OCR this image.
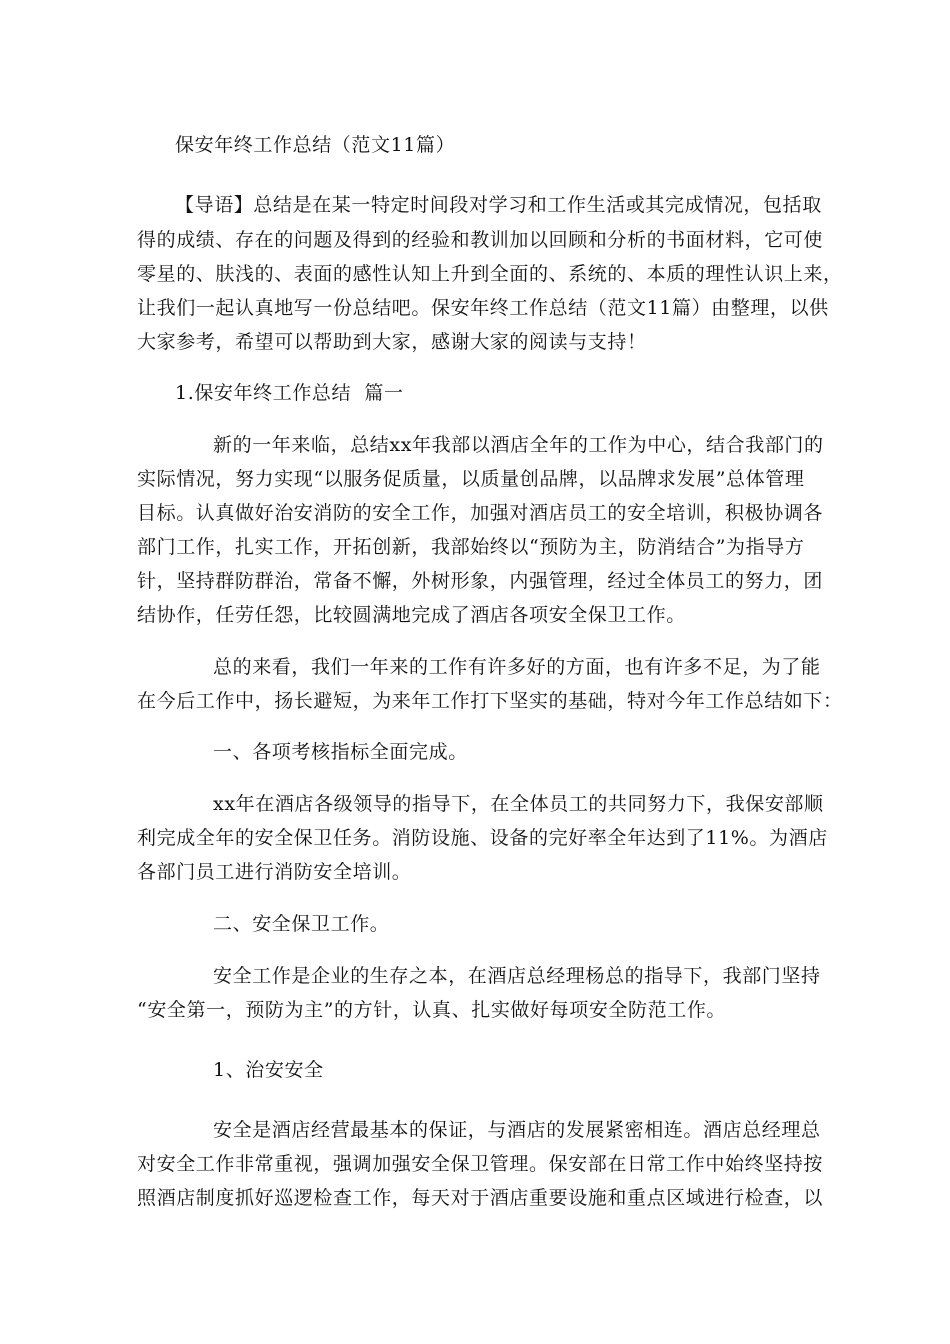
保安年终工作总结（范文11篇）
【导语】总结是在某一特定时间段对学习和工作生活或其完成情况，包括取
得的成绩、存在的问题及得到的经验和教训加以回顾和分析的书面材料，它可使
零星的、肤浅的、表面的感性认知上升到全面的、系统的、本质的理性认识上来，
让我们一起认真地写一份总结吧。保安年终工作总结（范文11篇）由整理，以供
大家参考，希望可以帮助到大家，感谢大家的阅读与支持！
1.保安年终工作总结  篇一
新的一年来临，总结xx年我部以酒店全年的工作为中心，结合我部门的
实际情况，努力实现“以服务促质量，以质量创品牌，以品牌求发展”总体管理
目标。认真做好治安消防的安全工作，加强对酒店员工的安全培训，积极协调各
部门工作，扎实工作，开拓创新，我部始终以“预防为主，防消结合”为指导方
针，坚持群防群治，常备不懈，外树形象，内强管理，经过全体员工的努力，团
结协作，任劳任怨，比较圆满地完成了酒店各项安全保卫工作。
总的来看，我们一年来的工作有许多好的方面，也有许多不足，为了能
在今后工作中，扬长避短，为来年工作打下坚实的基础，特对今年工作总结如下：
一、各项考核指标全面完成。
xx年在酒店各级领导的指导下，在全体员工的共同努力下，我保安部顺
利完成全年的安全保卫任务。消防设施、设备的完好率全年达到了11%。为酒店
各部门员工进行消防安全培训。
二、安全保卫工作。
安全工作是企业的生存之本，在酒店总经理杨总的指导下，我部门坚持
“安全第一，预防为主”的方针，认真、扎实做好每项安全防范工作。
1、治安安全
安全是酒店经营最基本的保证，与酒店的发展紧密相连。酒店总经理总
对安全工作非常重视，强调加强安全保卫管理。保安部在日常工作中始终坚持按
照酒店制度抓好巡逻检查工作，每天对于酒店重要设施和重点区域进行检查，以
